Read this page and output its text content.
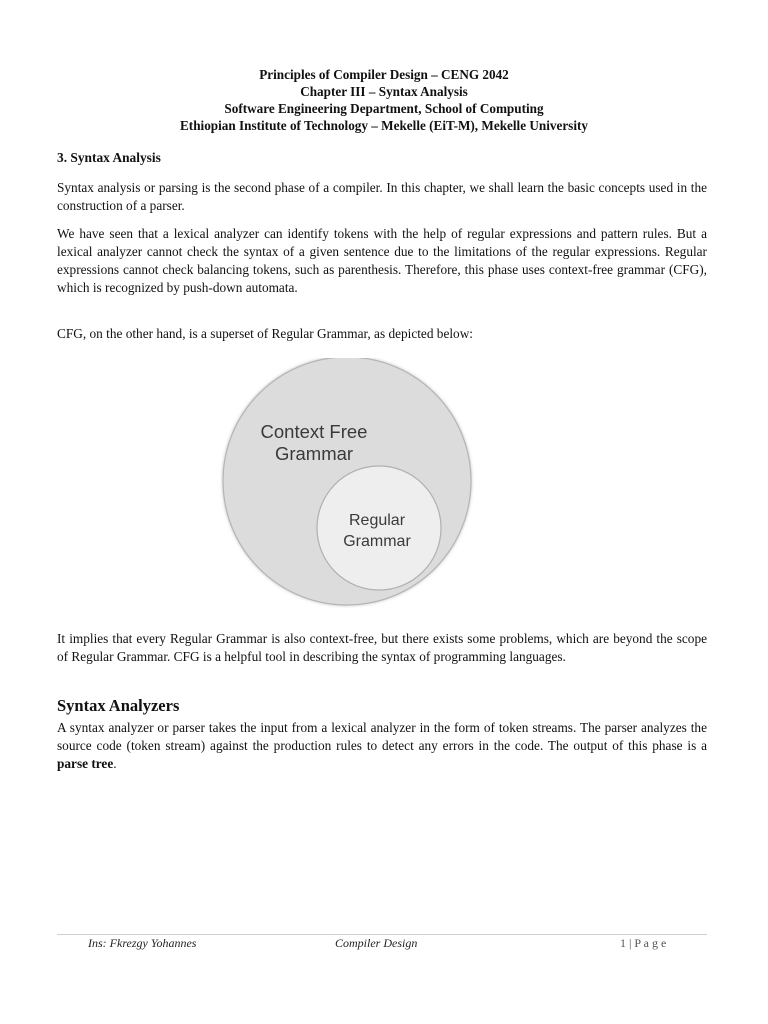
Principles of Compiler Design – CENG 2042
Chapter III – Syntax Analysis
Software Engineering Department, School of Computing
Ethiopian Institute of Technology – Mekelle (EiT-M), Mekelle University
3. Syntax Analysis

Syntax analysis or parsing is the second phase of a compiler. In this chapter, we shall learn the basic concepts used in the construction of a parser.

We have seen that a lexical analyzer can identify tokens with the help of regular expressions and pattern rules. But a lexical analyzer cannot check the syntax of a given sentence due to the limitations of the regular expressions. Regular expressions cannot check balancing tokens, such as parenthesis. Therefore, this phase uses context-free grammar (CFG), which is recognized by push-down automata.

CFG, on the other hand, is a superset of Regular Grammar, as depicted below:

Context Free
Grammar
Regular
Grammar

It implies that every Regular Grammar is also context-free, but there exists some problems, which are beyond the scope of Regular Grammar. CFG is a helpful tool in describing the syntax of programming languages.

Syntax Analyzers

A syntax analyzer or parser takes the input from a lexical analyzer in the form of token streams. The parser analyzes the source code (token stream) against the production rules to detect any errors in the code. The output of this phase is a parse tree.

Ins: Fkrezgy Yohannes	Compiler Design	1 | P a g e
